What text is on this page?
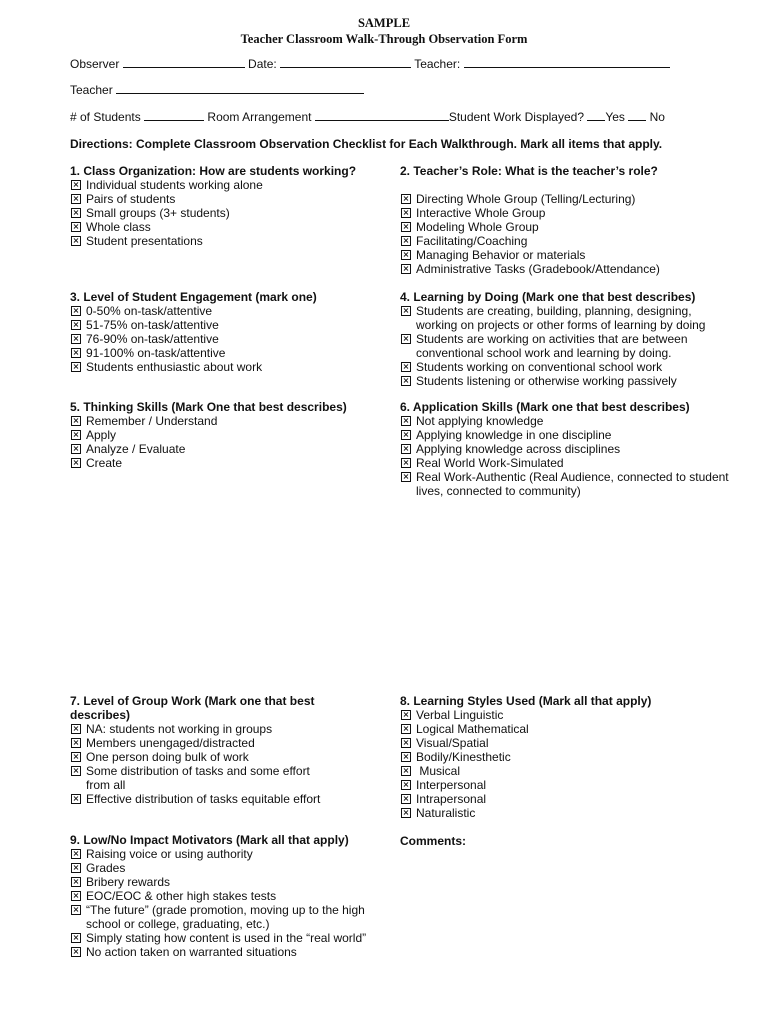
SAMPLE
Teacher Classroom Walk-Through Observation Form
Observer	Date:	Teacher:
Teacher
# of Students	Room Arrangement	Student Work Displayed? Yes No
Directions: Complete Classroom Observation Checklist for Each Walkthrough. Mark all items that apply.
1. Class Organization: How are students working?
× Individual students working alone
× Pairs of students
× Small groups (3+ students)
× Whole class
× Student presentations
2. Teacher’s Role: What is the teacher’s role?
× Directing Whole Group (Telling/Lecturing)
× Interactive Whole Group
× Modeling Whole Group
× Facilitating/Coaching
× Managing Behavior or materials
× Administrative Tasks (Gradebook/Attendance)
3. Level of Student Engagement (mark one)
× 0-50% on-task/attentive
× 51-75% on-task/attentive
× 76-90% on-task/attentive
× 91-100% on-task/attentive
× Students enthusiastic about work
4. Learning by Doing (Mark one that best describes)
× Students are creating, building, planning, designing, working on projects or other forms of learning by doing
× Students are working on activities that are between conventional school work and learning by doing.
× Students working on conventional school work
× Students listening or otherwise working passively
5. Thinking Skills (Mark One that best describes)
× Remember / Understand
× Apply
× Analyze / Evaluate
× Create
6. Application Skills (Mark one that best describes)
× Not applying knowledge
× Applying knowledge in one discipline
× Applying knowledge across disciplines
× Real World Work-Simulated
× Real Work-Authentic (Real Audience, connected to student lives, connected to community)
7. Level of Group Work (Mark one that best describes)
× NA: students not working in groups
× Members unengaged/distracted
× One person doing bulk of work
× Some distribution of tasks and some effort from all
× Effective distribution of tasks equitable effort
8. Learning Styles Used (Mark all that apply)
× Verbal Linguistic
× Logical Mathematical
× Visual/Spatial
× Bodily/Kinesthetic
× Musical
× Interpersonal
× Intrapersonal
× Naturalistic
9. Low/No Impact Motivators (Mark all that apply)
× Raising voice or using authority
× Grades
× Bribery rewards
× EOC/EOC & other high stakes tests
× “The future” (grade promotion, moving up to the high school or college, graduating, etc.)
× Simply stating how content is used in the “real world”
× No action taken on warranted situations
Comments:
